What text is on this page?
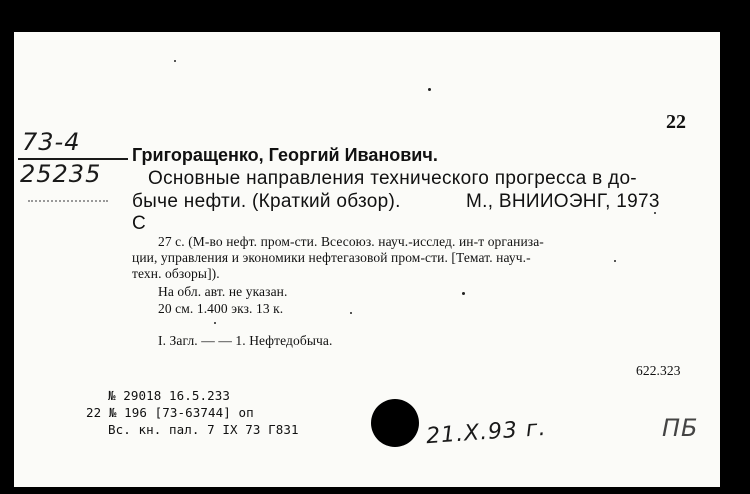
22
73-4
25235
Григоращенко, Георгий Иванович.
Основные направления технического прогресса в до-
быче нефти. (Краткий обзор).	М., ВНИИОЭНГ, 1973
С
27 с. (М-во нефт. пром-сти. Всесоюз. науч.-исслед. ин-т организа-
ции, управления и экономики нефтегазовой пром-сти. [Темат. науч.-
техн. обзоры]).
На обл. авт. не указан.
20 см. 1.400 экз. 13 к.
I. Загл. — — 1. Нефтедобыча.
622.323
№ 29018 16.5.233
22 № 196 [73-63744] оп
Вс. кн. пал. 7 IX 73 Г831	21.X.93 г.	ПБ
